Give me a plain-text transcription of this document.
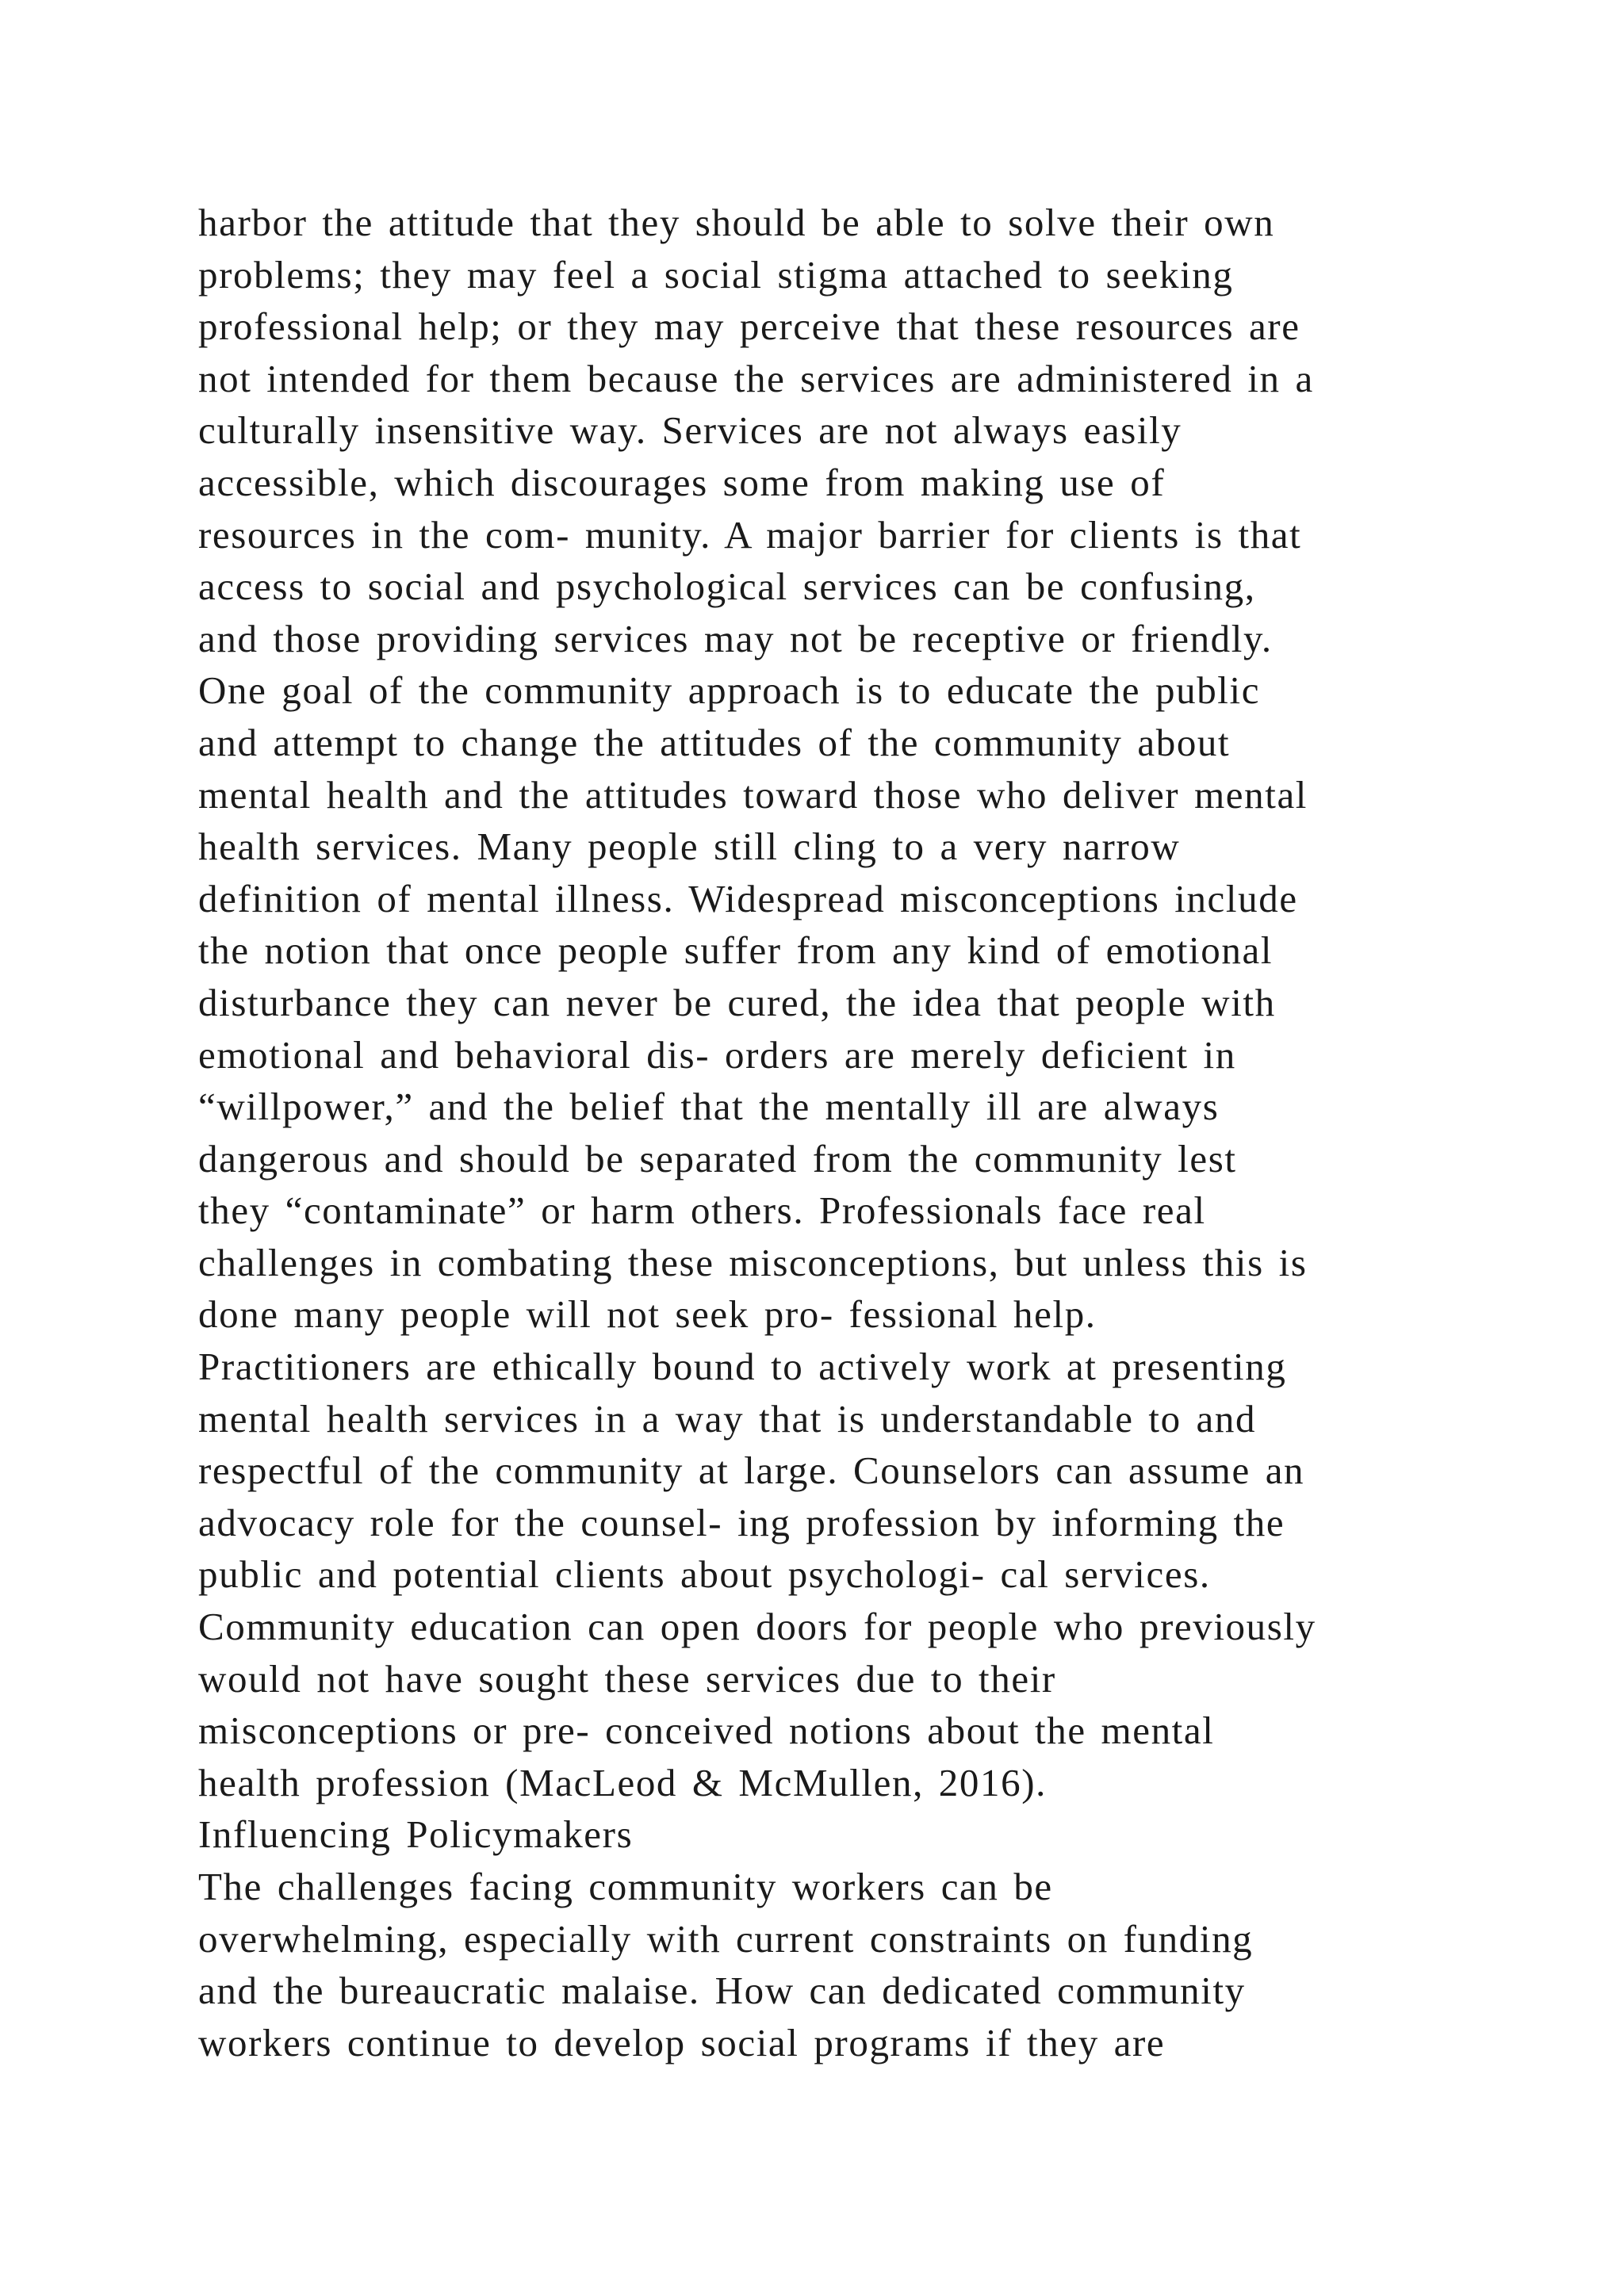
harbor the attitude that they should be able to solve their own
problems; they may feel a social stigma attached to seeking
professional help; or they may perceive that these resources are
not intended for them because the services are administered in a
culturally insensitive way. Services are not always easily
accessible, which discourages some from making use of
resources in the com- munity. A major barrier for clients is that
access to social and psychological services can be confusing,
and those providing services may not be receptive or friendly.
One goal of the community approach is to educate the public
and attempt to change the attitudes of the community about
mental health and the attitudes toward those who deliver mental
health services. Many people still cling to a very narrow
definition of mental illness. Widespread misconceptions include
the notion that once people suffer from any kind of emotional
disturbance they can never be cured, the idea that people with
emotional and behavioral dis- orders are merely deficient in
“willpower,” and the belief that the mentally ill are always
dangerous and should be separated from the community lest
they “contaminate” or harm others. Professionals face real
challenges in combating these misconceptions, but unless this is
done many people will not seek pro- fessional help.
Practitioners are ethically bound to actively work at presenting
mental health services in a way that is understandable to and
respectful of the community at large. Counselors can assume an
advocacy role for the counsel- ing profession by informing the
public and potential clients about psychologi- cal services.
Community education can open doors for people who previously
would not have sought these services due to their
misconceptions or pre- conceived notions about the mental
health profession (MacLeod & McMullen, 2016).
Influencing Policymakers
The challenges facing community workers can be
overwhelming, especially with current constraints on funding
and the bureaucratic malaise. How can dedicated community
workers continue to develop social programs if they are
